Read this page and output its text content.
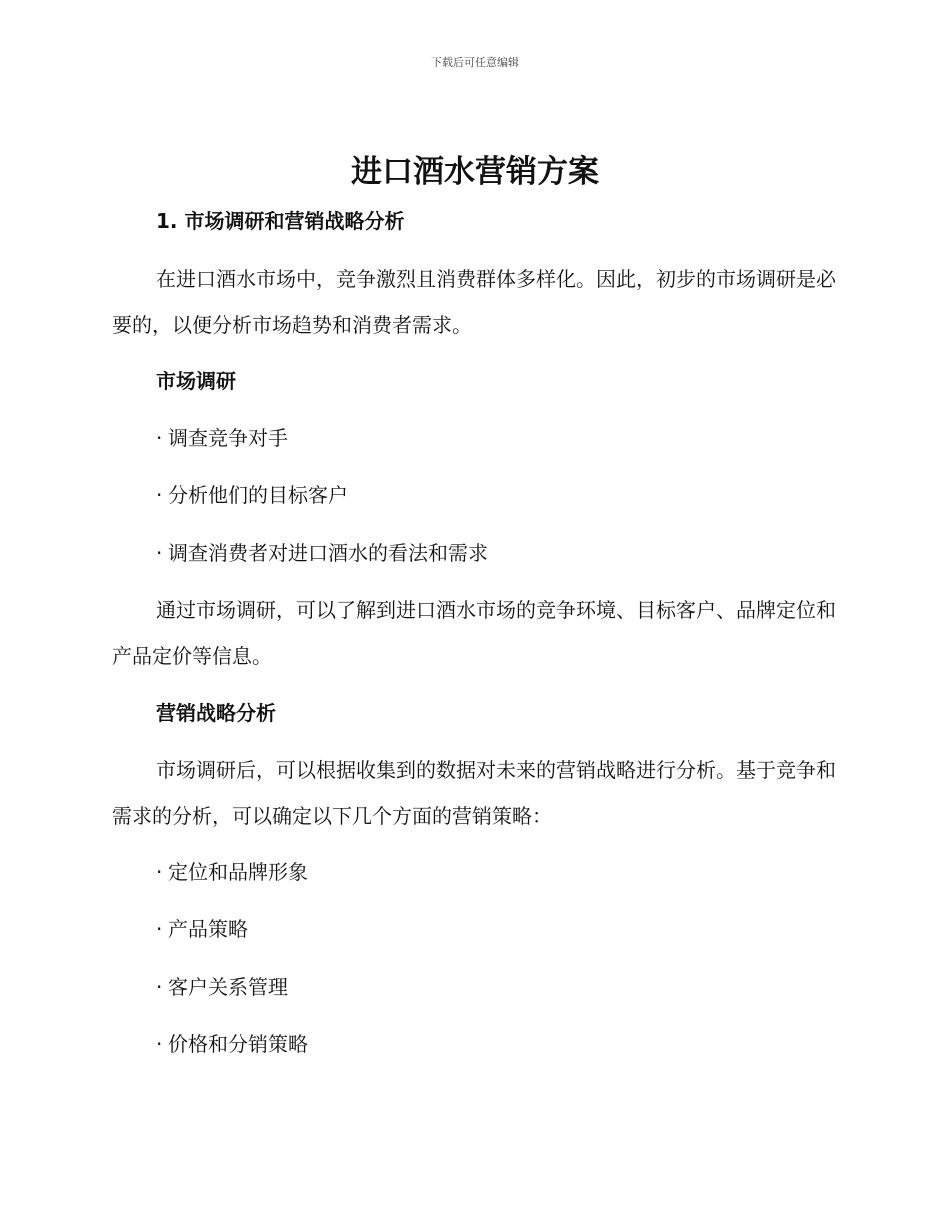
下载后可任意编辑
进口酒水营销方案

1. 市场调研和营销战略分析

在进口酒水市场中，竞争激烈且消费群体多样化。因此，初步的市场调研是必要的，以便分析市场趋势和消费者需求。

市场调研

· 调查竞争对手

· 分析他们的目标客户

· 调查消费者对进口酒水的看法和需求

通过市场调研，可以了解到进口酒水市场的竞争环境、目标客户、品牌定位和产品定价等信息。

营销战略分析

市场调研后，可以根据收集到的数据对未来的营销战略进行分析。基于竞争和需求的分析，可以确定以下几个方面的营销策略：

· 定位和品牌形象

· 产品策略

· 客户关系管理

· 价格和分销策略
